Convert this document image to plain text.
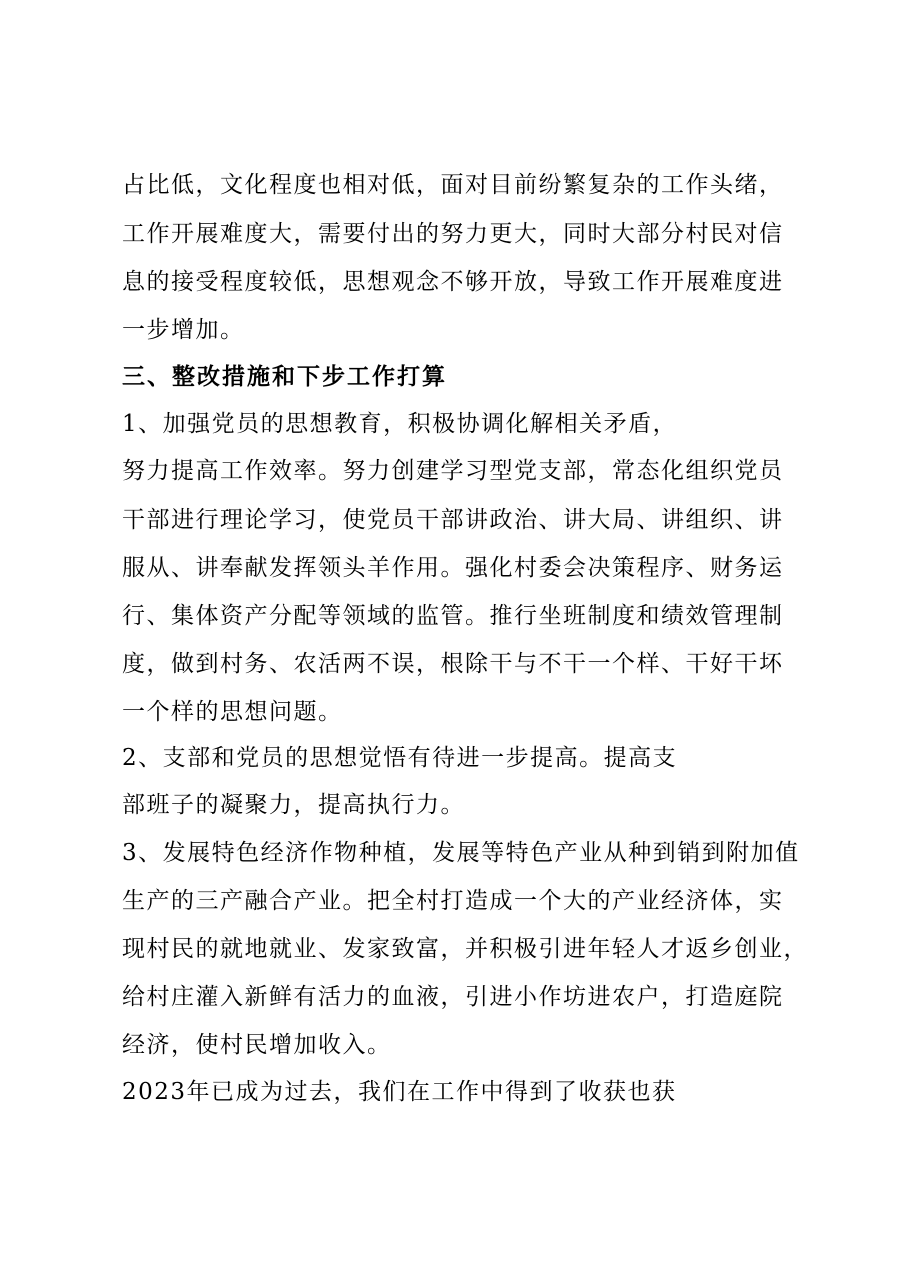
占比低，文化程度也相对低，面对目前纷繁复杂的工作头绪，
工作开展难度大，需要付出的努力更大，同时大部分村民对信
息的接受程度较低，思想观念不够开放，导致工作开展难度进
一步增加。
三、整改措施和下步工作打算
1、加强党员的思想教育，积极协调化解相关矛盾，
努力提高工作效率。努力创建学习型党支部，常态化组织党员
干部进行理论学习，使党员干部讲政治、讲大局、讲组织、讲
服从、讲奉献发挥领头羊作用。强化村委会决策程序、财务运
行、集体资产分配等领域的监管。推行坐班制度和绩效管理制
度，做到村务、农活两不误，根除干与不干一个样、干好干坏
一个样的思想问题。
2、支部和党员的思想觉悟有待进一步提高。提高支
部班子的凝聚力，提高执行力。
3、发展特色经济作物种植，发展等特色产业从种到销到附加值
生产的三产融合产业。把全村打造成一个大的产业经济体，实
现村民的就地就业、发家致富，并积极引进年轻人才返乡创业，
给村庄灌入新鲜有活力的血液，引进小作坊进农户，打造庭院
经济，使村民增加收入。
2023年已成为过去，我们在工作中得到了收获也获
